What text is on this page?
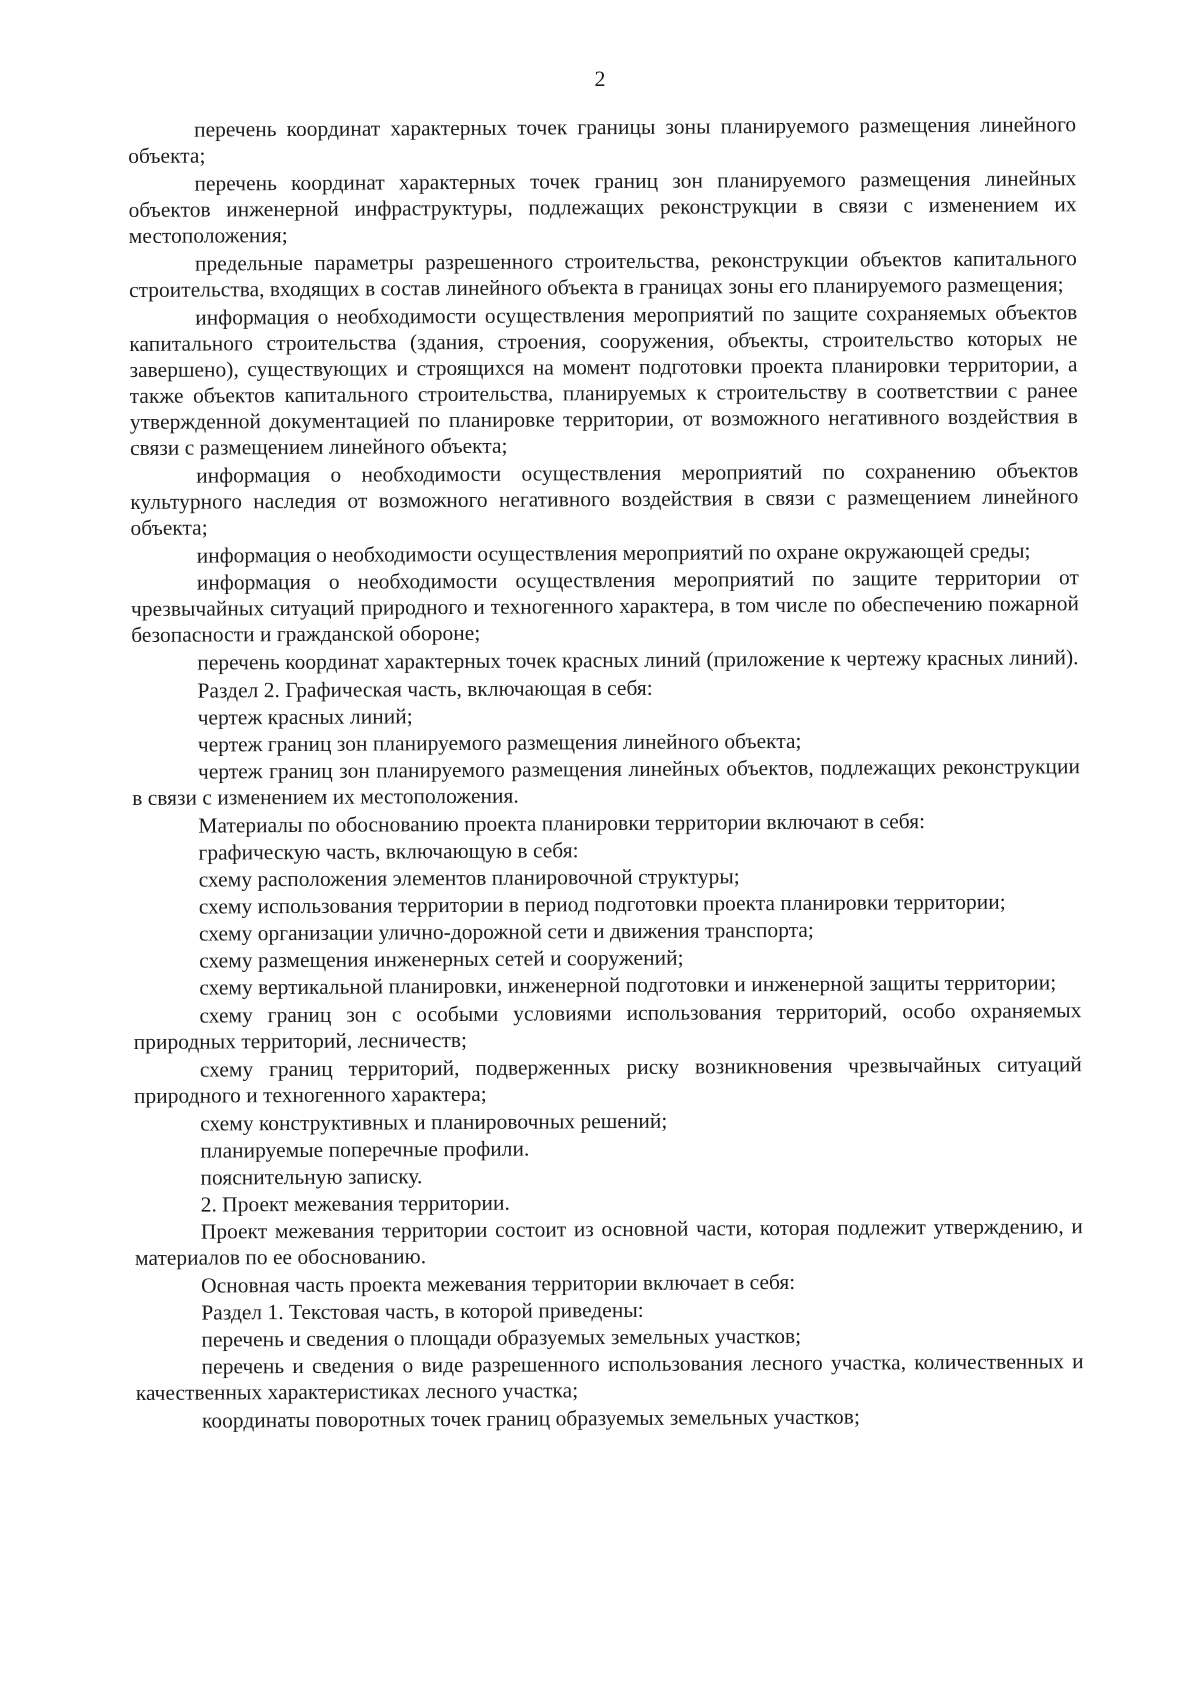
2

перечень координат характерных точек границы зоны планируемого размещения линейного объекта;

перечень координат характерных точек границ зон планируемого размещения линейных объектов инженерной инфраструктуры, подлежащих реконструкции в связи с изменением их местоположения;

предельные параметры разрешенного строительства, реконструкции объектов капитального строительства, входящих в состав линейного объекта в границах зоны его планируемого размещения;

информация о необходимости осуществления мероприятий по защите сохраняемых объектов капитального строительства (здания, строения, сооружения, объекты, строительство которых не завершено), существующих и строящихся на момент подготовки проекта планировки территории, а также объектов капитального строительства, планируемых к строительству в соответствии с ранее утвержденной документацией по планировке территории, от возможного негативного воздействия в связи с размещением линейного объекта;

информация о необходимости осуществления мероприятий по сохранению объектов культурного наследия от возможного негативного воздействия в связи с размещением линейного объекта;

информация о необходимости осуществления мероприятий по охране окружающей среды;

информация о необходимости осуществления мероприятий по защите территории от чрезвычайных ситуаций природного и техногенного характера, в том числе по обеспечению пожарной безопасности и гражданской обороне;

перечень координат характерных точек красных линий (приложение к чертежу красных линий).

Раздел 2. Графическая часть, включающая в себя:

чертеж красных линий;

чертеж границ зон планируемого размещения линейного объекта;

чертеж границ зон планируемого размещения линейных объектов, подлежащих реконструкции в связи с изменением их местоположения.

Материалы по обоснованию проекта планировки территории включают в себя:

графическую часть, включающую в себя:

схему расположения элементов планировочной структуры;

схему использования территории в период подготовки проекта планировки территории;

схему организации улично-дорожной сети и движения транспорта;

схему размещения инженерных сетей и сооружений;

схему вертикальной планировки, инженерной подготовки и инженерной защиты территории;

схему границ зон с особыми условиями использования территорий, особо охраняемых природных территорий, лесничеств;

схему границ территорий, подверженных риску возникновения чрезвычайных ситуаций природного и техногенного характера;

схему конструктивных и планировочных решений;

планируемые поперечные профили.

пояснительную записку.

2. Проект межевания территории.

Проект межевания территории состоит из основной части, которая подлежит утверждению, и материалов по ее обоснованию.

Основная часть проекта межевания территории включает в себя:

Раздел 1. Текстовая часть, в которой приведены:

перечень и сведения о площади образуемых земельных участков;

перечень и сведения о виде разрешенного использования лесного участка, количественных и качественных характеристиках лесного участка;

координаты поворотных точек границ образуемых земельных участков;
